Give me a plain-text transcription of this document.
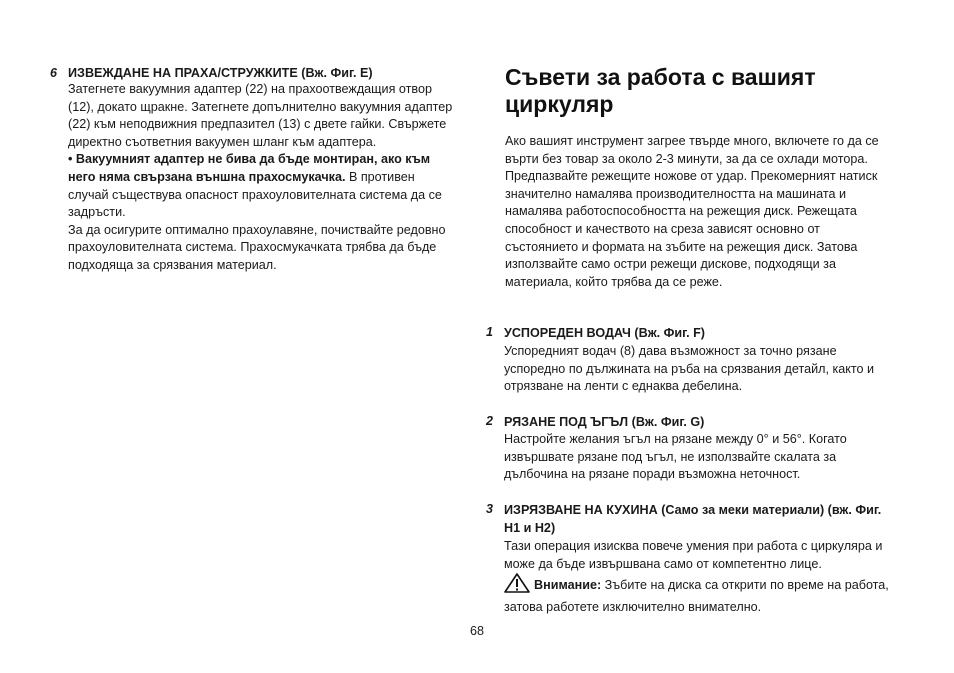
6 ИЗВЕЖДАНЕ НА ПРАХА/СТРУЖКИТЕ (Вж. Фиг. E)

Затегнете вакуумния адаптер (22) на прахоотвеждащия отвор (12), докато щракне. Затегнете допълнително вакуумния адаптер (22) към неподвижния предпазител (13) с двете гайки. Свържете директно съответния вакуумен шланг към адаптера.

• Вакуумният адаптер не бива да бъде монтиран, ако към него няма свързана външна прахосмукачка. В противен случай съществува опасност прахоуловителната система да се задръсти.

За да осигурите оптимално прахоулавяне, почиствайте редовно прахоуловителната система. Прахосмукачката трябва да бъде подходяща за срязвания материал.

Съвети за работа с вашият циркуляр

Ако вашият инструмент загрее твърде много, включете го да се върти без товар за около 2-3 минути, за да се охлади мотора.

Предпазвайте режещите ножове от удар. Прекомерният натиск значително намалява производителността на машината и намалява работоспособността на режещия диск. Режещата способност и качеството на среза зависят основно от състоянието и формата на зъбите на режещия диск. Затова използвайте само остри режещи дискове, подходящи за материала, който трябва да се реже.

1 УСПОРЕДЕН ВОДАЧ (Вж. Фиг. F)

Успоредният водач (8) дава възможност за точно рязане успоредно по дължината на ръба на срязвания детайл, както и отрязване на ленти с еднаква дебелина.

2 РЯЗАНЕ ПОД ЪГЪЛ (Вж. Фиг. G)

Настройте желания ъгъл на рязане между 0° и 56°. Когато извършвате рязане под ъгъл, не използвайте скалата за дълбочина на рязане поради възможна неточност.

3 ИЗРЯЗВАНЕ НА КУХИНА (Само за меки материали) (вж. Фиг. H1 и H2)

Тази операция изисква повече умения при работа с циркуляра и може да бъде извършвана само от компетентно лице.

Внимание: Зъбите на диска са открити по време на работа, затова работете изключително внимателно.

68
